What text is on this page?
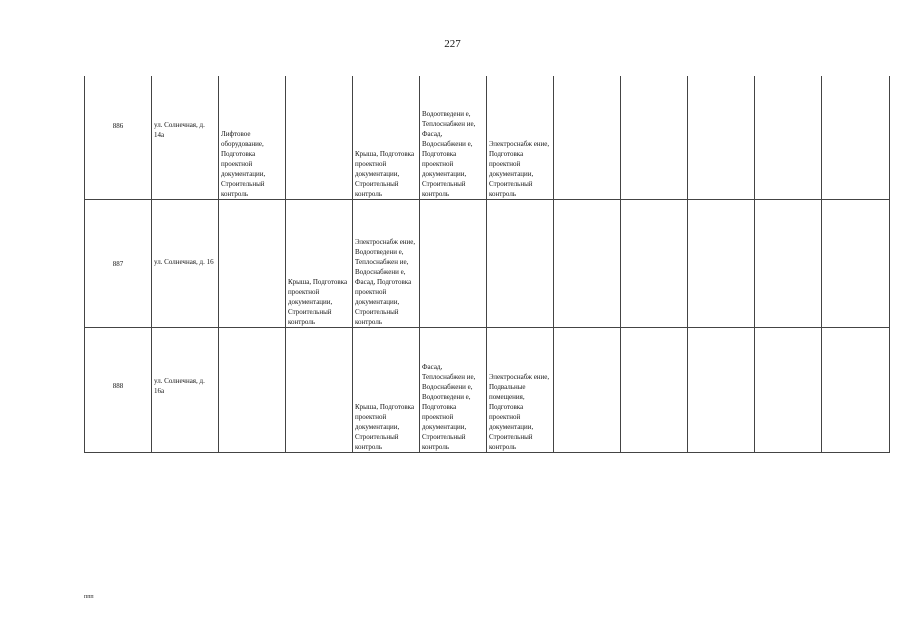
227
886	ул. Солнечная, д. 14а	Лифтовое оборудование, Подготовка проектной документации, Строительный контроль		Крыша, Подготовка проектной документации, Строительный контроль	Водоотведени е, Теплоснабжен ие, Фасад, Водоснабжени е, Подготовка проектной документации, Строительный контроль	Электроснабж ение, Подготовка проектной документации, Строительный контроль					
887	ул. Солнечная, д. 16		Крыша, Подготовка проектной документации, Строительный контроль	Электроснабж ение, Водоотведени е, Теплоснабжен ие, Водоснабжени е, Фасад, Подготовка проектной документации, Строительный контроль							
888	ул. Солнечная, д. 16а			Крыша, Подготовка проектной документации, Строительный контроль	Фасад, Теплоснабжен ие, Водоснабжени е, Водоотведени е, Подготовка проектной документации, Строительный контроль	Электроснабж ение, Подвальные помещения, Подготовка проектной документации, Строительный контроль					
ппп
